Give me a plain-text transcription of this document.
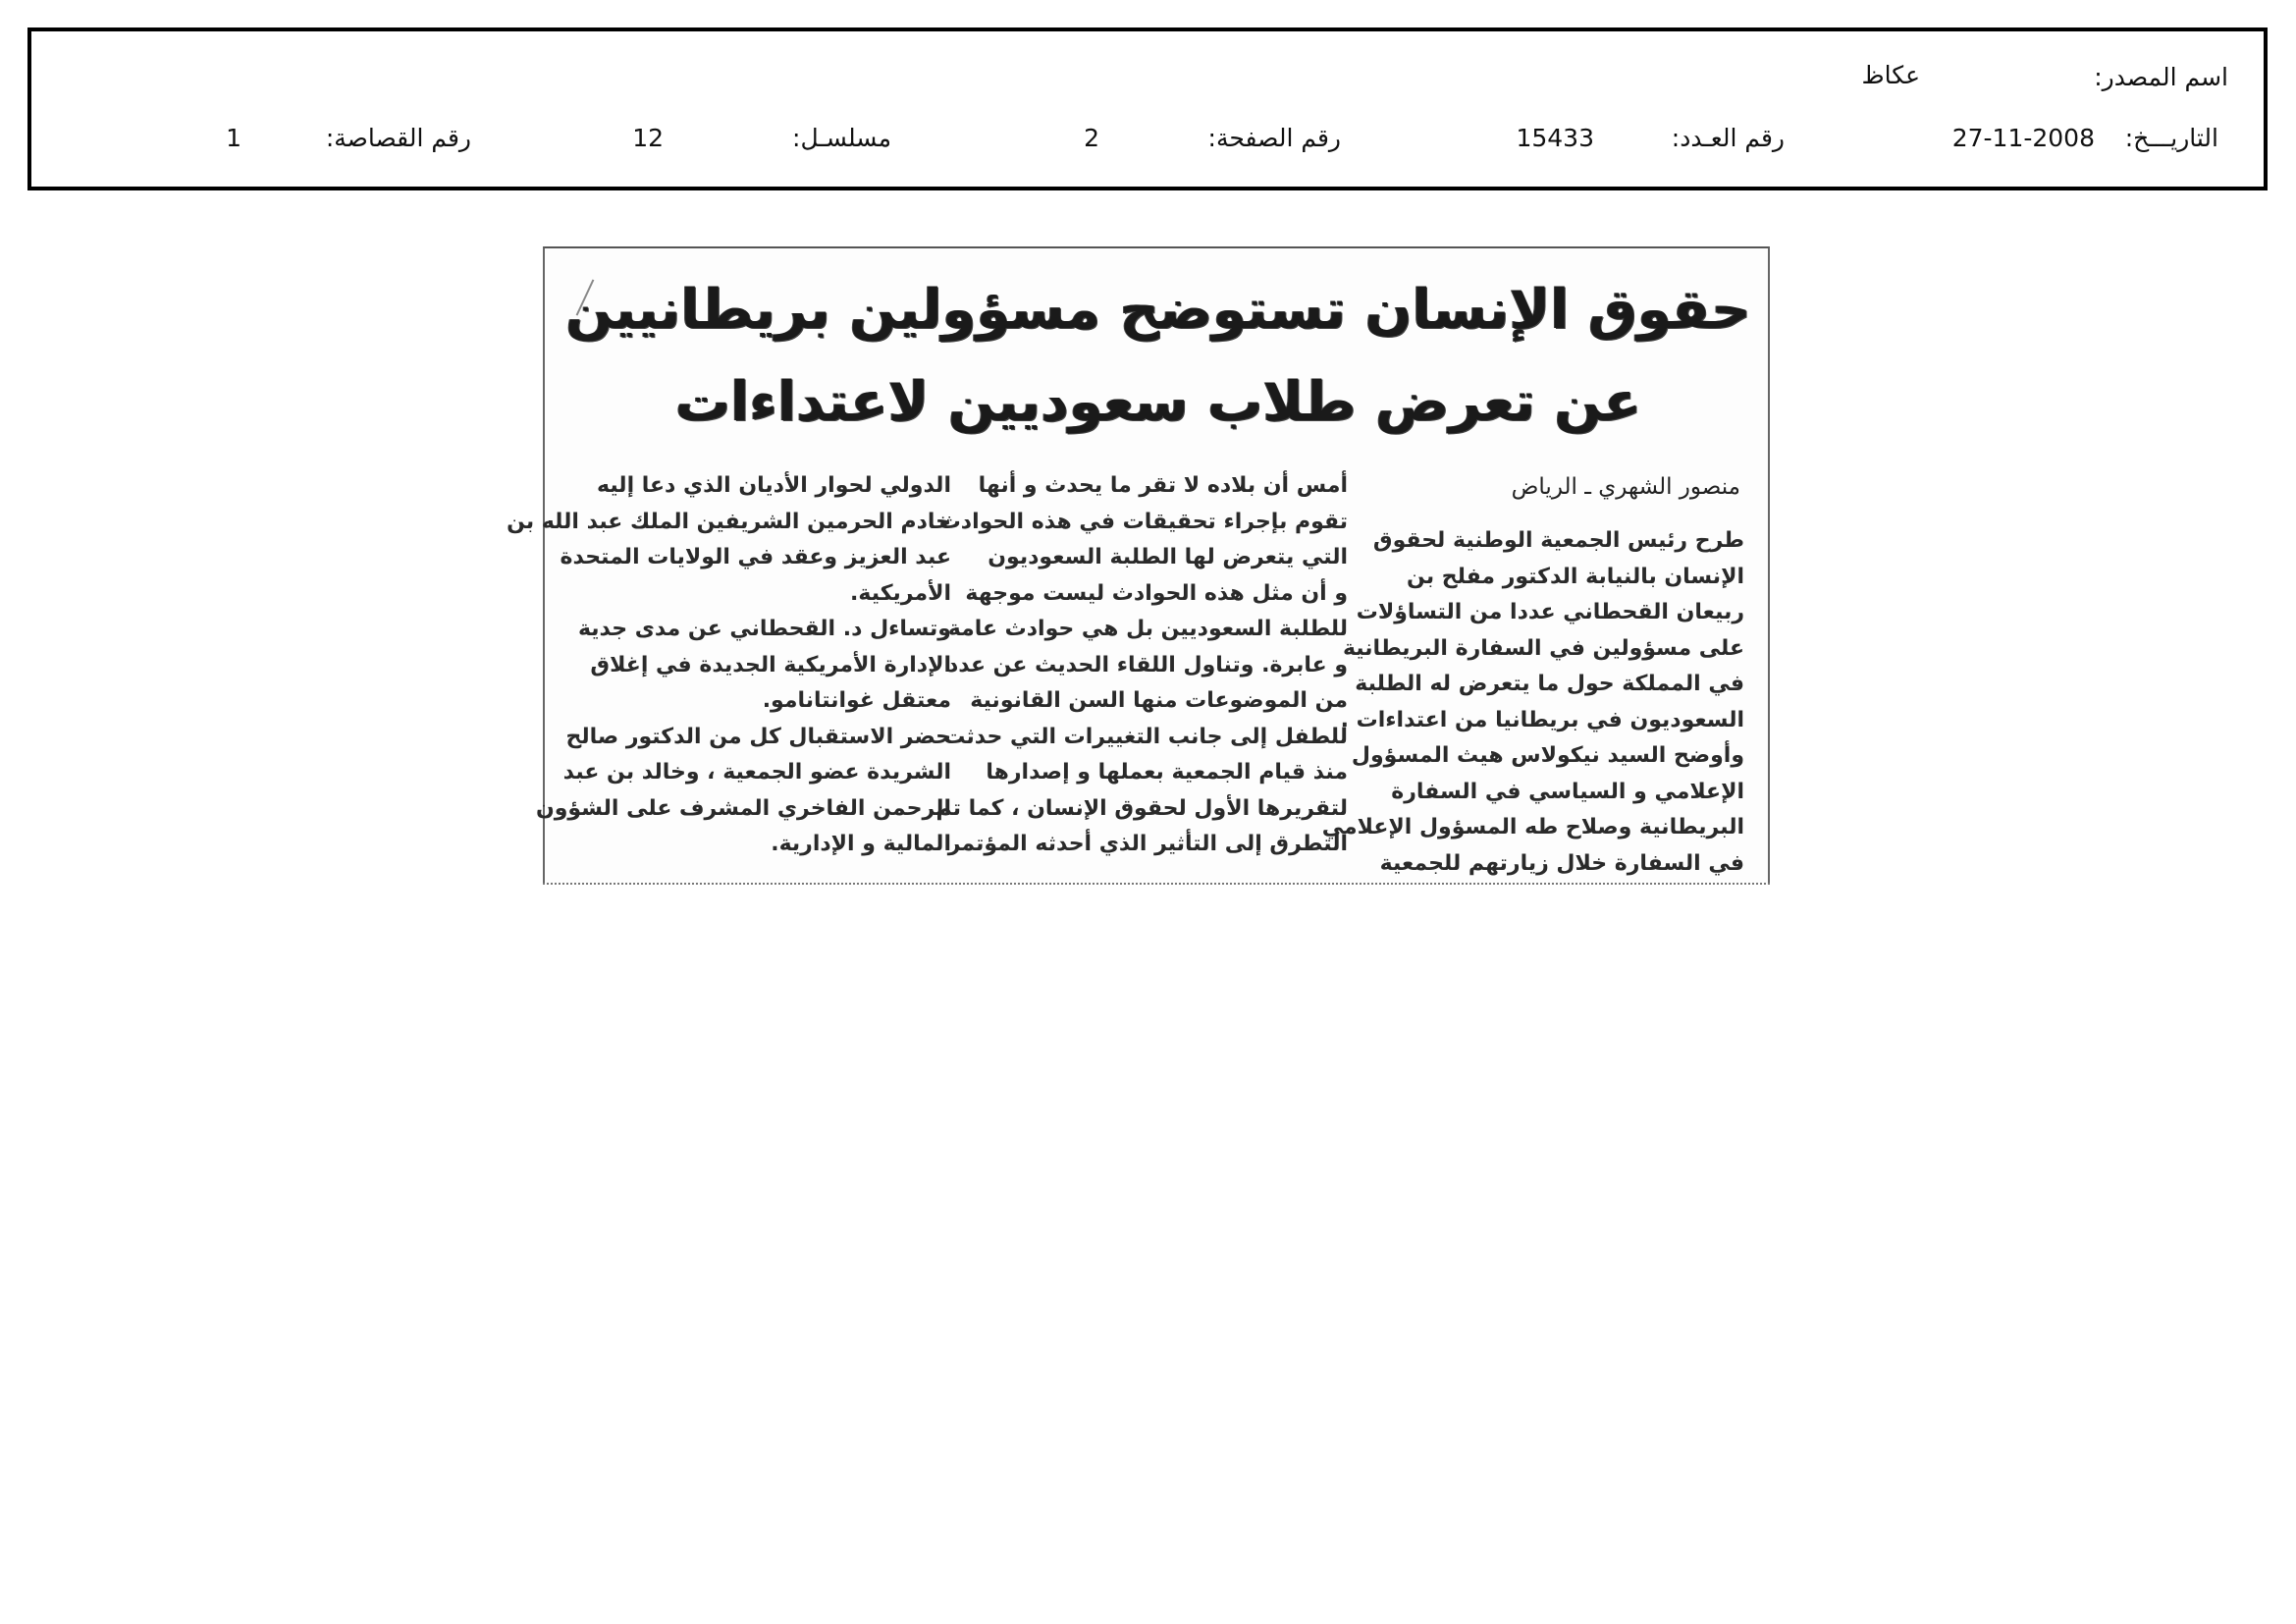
اسم المصدر:
عكاظ
التاريـــخ:
27-11-2008
رقم العـدد:
15433
رقم الصفحة:
2
مسلسـل:
12
رقم القصاصة:
1
حقوق الإنسان تستوضح مسؤولين بريطانيين
عن تعرض طلاب سعوديين لاعتداءات
منصور الشهري ـ الرياض
طرح رئيس الجمعية الوطنية لحقوق
الإنسان بالنيابة الدكتور مفلح بن
ربيعان القحطاني عددا من التساؤلات
على مسؤولين في السفارة البريطانية
في المملكة حول ما يتعرض له الطلبة
السعوديون في بريطانيا من اعتداءات .
وأوضح السيد نيكولاس هيث المسؤول
الإعلامي و السياسي في السفارة
البريطانية وصلاح طه المسؤول الإعلامي
في السفارة خلال زيارتهم للجمعية
أمس أن بلاده لا تقر ما يحدث و أنها
تقوم بإجراء تحقيقات في هذه الحوادث
التي يتعرض لها الطلبة السعوديون
و أن مثل هذه الحوادث ليست موجهة
للطلبة السعوديين بل هي حوادث عامة
و عابرة. وتناول اللقاء الحديث عن عدد
من الموضوعات منها السن القانونية
للطفل إلى جانب التغييرات التي حدثت
منذ قيام الجمعية بعملها و إصدارها
لتقريرها الأول لحقوق الإنسان ، كما تم
التطرق إلى التأثير الذي أحدثه المؤتمر
الدولي لحوار الأديان الذي دعا إليه
خادم الحرمين الشريفين الملك عبد الله بن
عبد العزيز وعقد في الولايات المتحدة
الأمريكية.
وتساءل د. القحطاني عن مدى جدية
الإدارة الأمريكية الجديدة في إغلاق
معتقل غوانتانامو.
حضر الاستقبال كل من الدكتور صالح
الشريدة عضو الجمعية ، وخالد بن عبد
الرحمن الفاخري المشرف على الشؤون
المالية و الإدارية.
